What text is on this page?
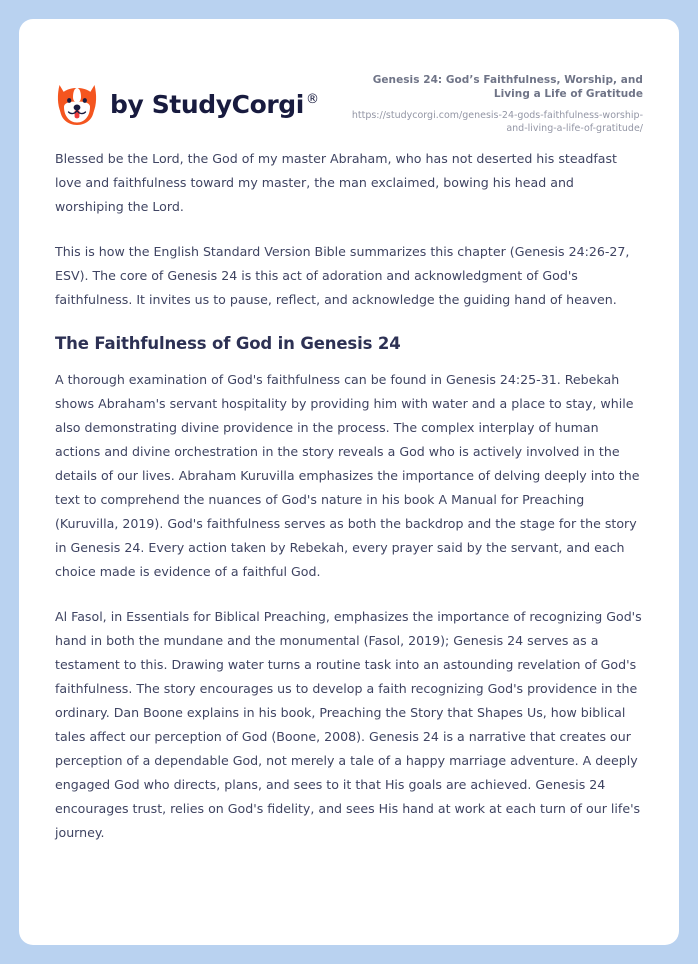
by StudyCorgi ®
Genesis 24: God’s Faithfulness, Worship, and Living a Life of Gratitude
https://studycorgi.com/genesis-24-gods-faithfulness-worship-and-living-a-life-of-gratitude/

Blessed be the Lord, the God of my master Abraham, who has not deserted his steadfast love and faithfulness toward my master, the man exclaimed, bowing his head and worshiping the Lord.

This is how the English Standard Version Bible summarizes this chapter (Genesis 24:26-27, ESV). The core of Genesis 24 is this act of adoration and acknowledgment of God's faithfulness. It invites us to pause, reflect, and acknowledge the guiding hand of heaven.

The Faithfulness of God in Genesis 24

A thorough examination of God's faithfulness can be found in Genesis 24:25-31. Rebekah shows Abraham's servant hospitality by providing him with water and a place to stay, while also demonstrating divine providence in the process. The complex interplay of human actions and divine orchestration in the story reveals a God who is actively involved in the details of our lives. Abraham Kuruvilla emphasizes the importance of delving deeply into the text to comprehend the nuances of God's nature in his book A Manual for Preaching (Kuruvilla, 2019). God's faithfulness serves as both the backdrop and the stage for the story in Genesis 24. Every action taken by Rebekah, every prayer said by the servant, and each choice made is evidence of a faithful God.

Al Fasol, in Essentials for Biblical Preaching, emphasizes the importance of recognizing God's hand in both the mundane and the monumental (Fasol, 2019); Genesis 24 serves as a testament to this. Drawing water turns a routine task into an astounding revelation of God's faithfulness. The story encourages us to develop a faith recognizing God's providence in the ordinary. Dan Boone explains in his book, Preaching the Story that Shapes Us, how biblical tales affect our perception of God (Boone, 2008). Genesis 24 is a narrative that creates our perception of a dependable God, not merely a tale of a happy marriage adventure. A deeply engaged God who directs, plans, and sees to it that His goals are achieved. Genesis 24 encourages trust, relies on God's fidelity, and sees His hand at work at each turn of our life's journey.
